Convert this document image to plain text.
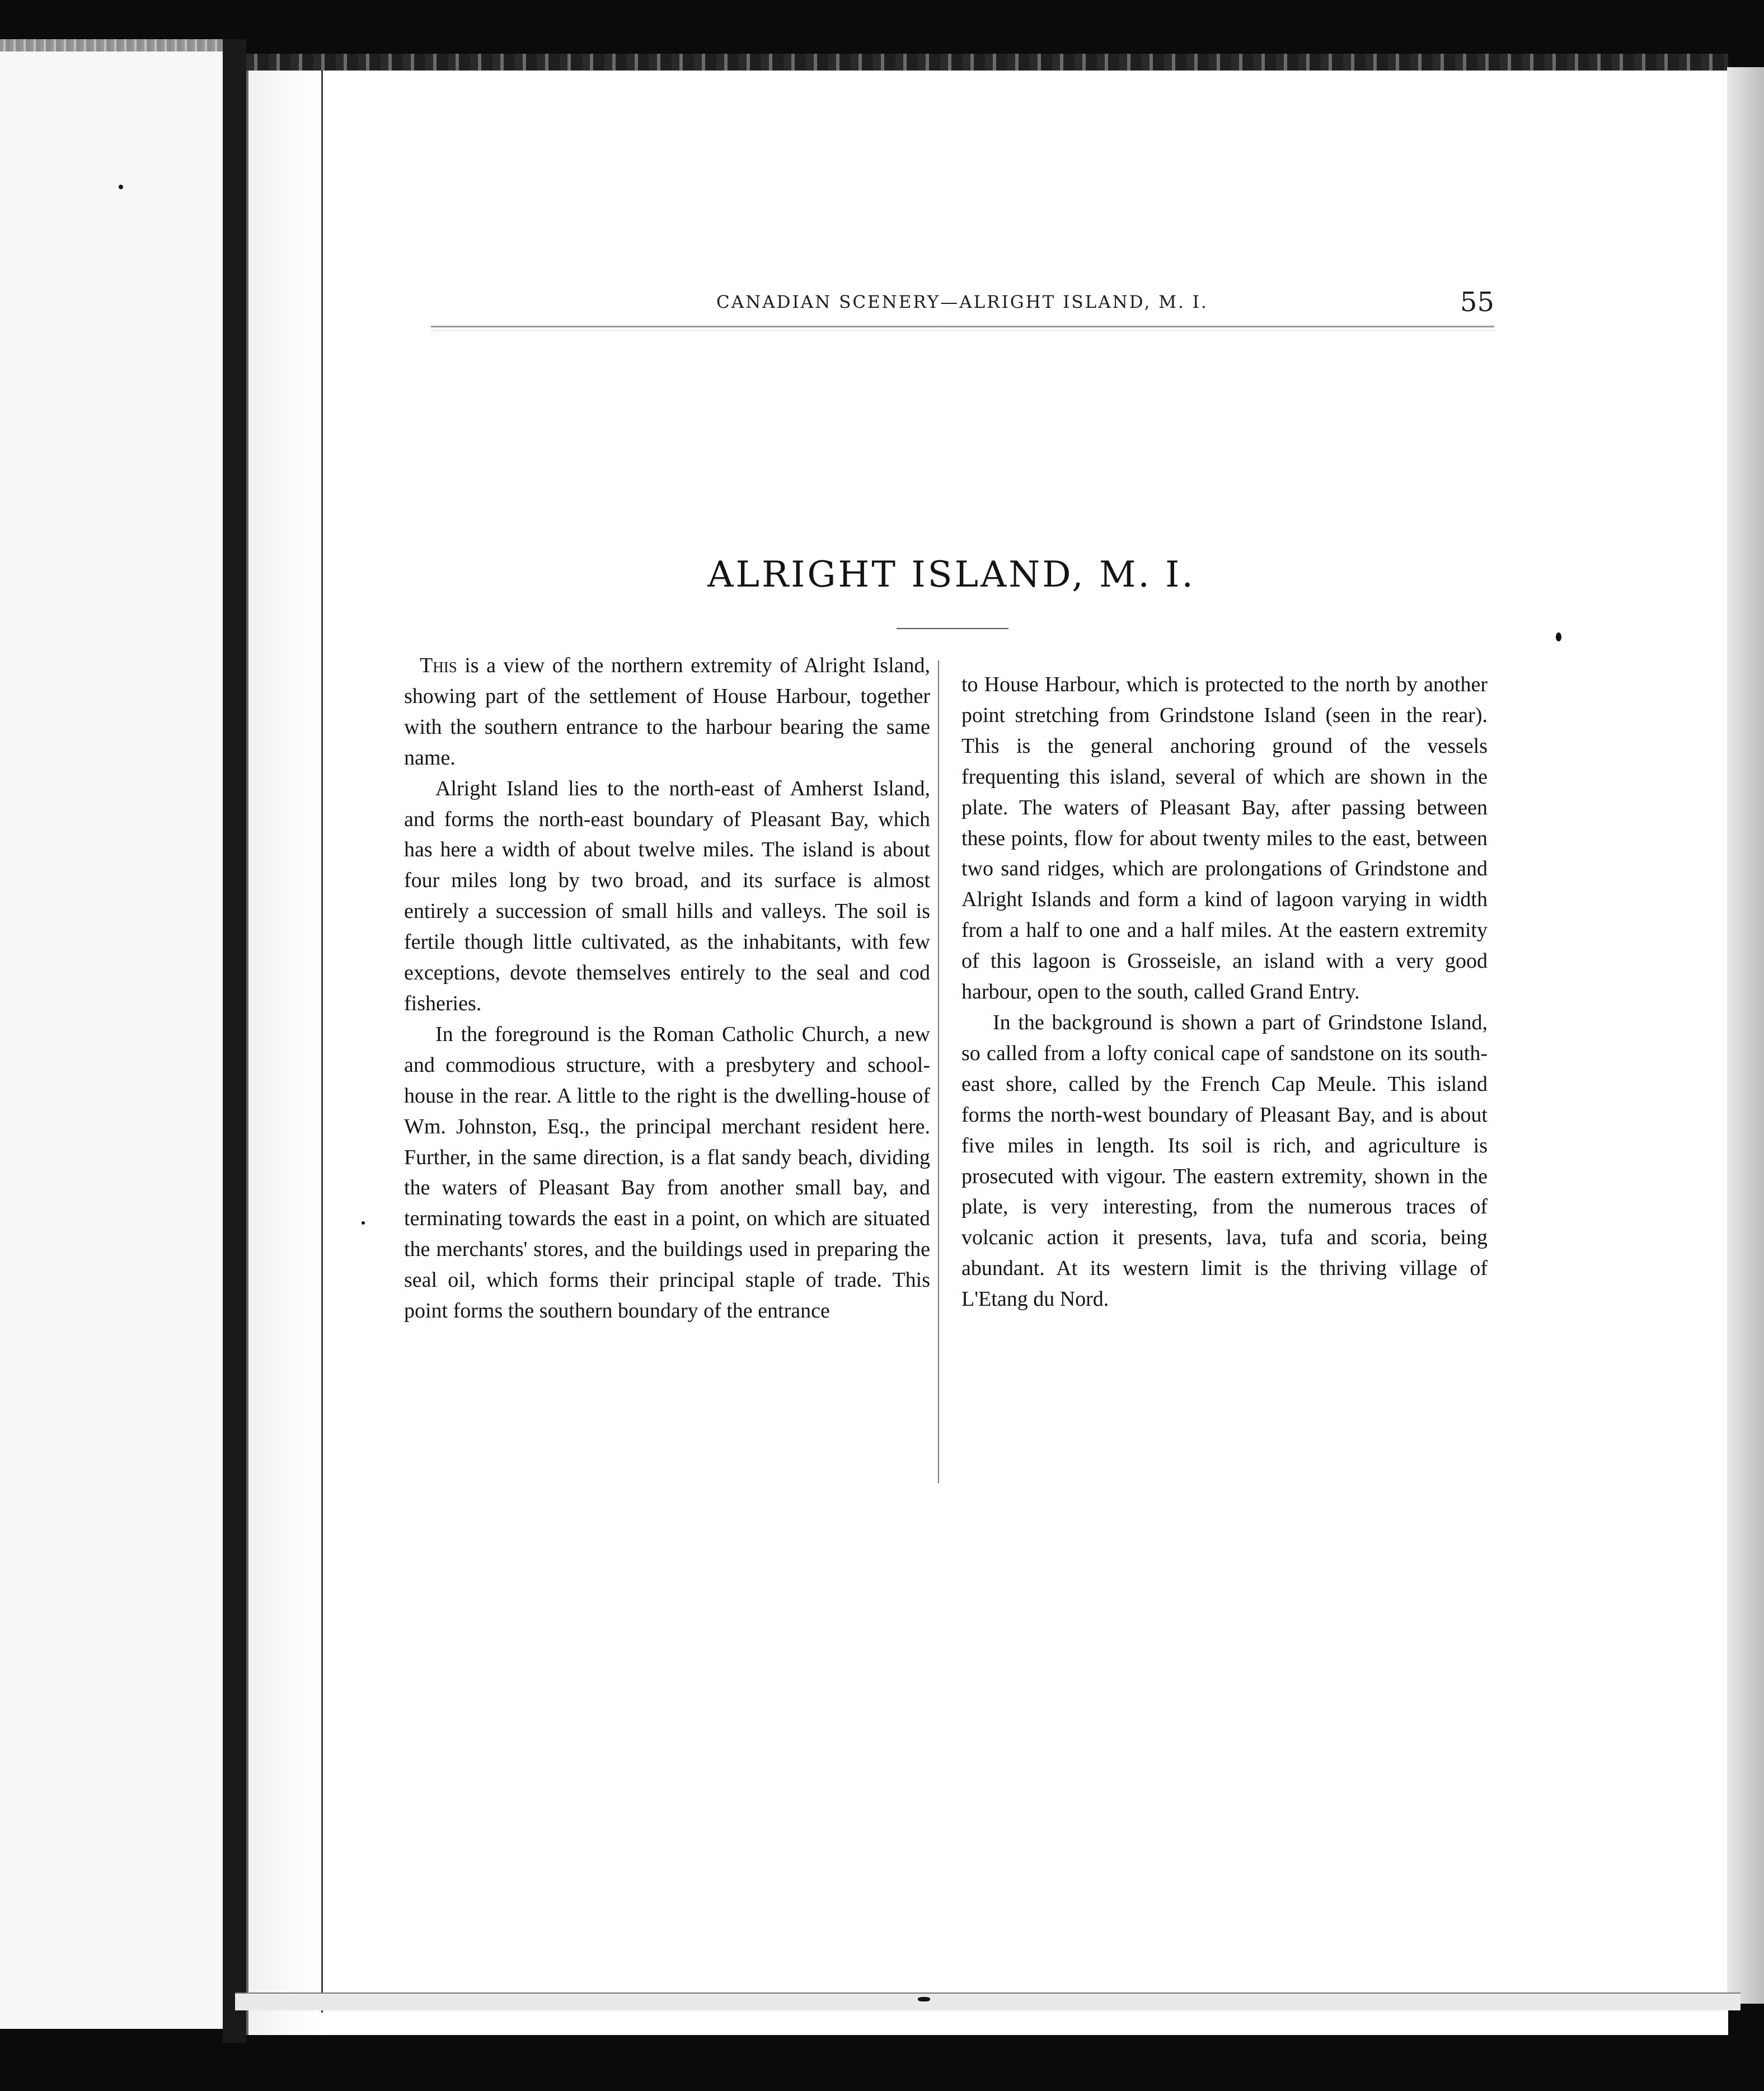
CANADIAN SCENERY—ALRIGHT ISLAND, M. I.	55
ALRIGHT ISLAND, M. I.

This is a view of the northern extremity of Alright Island, showing part of the settlement of House Harbour, together with the southern entrance to the harbour bearing the same name.

Alright Island lies to the north-east of Amherst Island, and forms the north-east boundary of Pleasant Bay, which has here a width of about twelve miles. The island is about four miles long by two broad, and its surface is almost entirely a succession of small hills and valleys. The soil is fertile though little cultivated, as the inhabitants, with few exceptions, devote themselves entirely to the seal and cod fisheries.

In the foreground is the Roman Catholic Church, a new and commodious structure, with a presbytery and school-house in the rear. A little to the right is the dwelling-house of Wm. Johnston, Esq., the principal merchant resident here. Further, in the same direction, is a flat sandy beach, dividing the waters of Pleasant Bay from another small bay, and terminating towards the east in a point, on which are situated the merchants' stores, and the buildings used in preparing the seal oil, which forms their principal staple of trade. This point forms the southern boundary of the entrance

to House Harbour, which is protected to the north by another point stretching from Grindstone Island (seen in the rear). This is the general anchoring ground of the vessels frequenting this island, several of which are shown in the plate. The waters of Pleasant Bay, after passing between these points, flow for about twenty miles to the east, between two sand ridges, which are prolongations of Grindstone and Alright Islands and form a kind of lagoon varying in width from a half to one and a half miles. At the eastern extremity of this lagoon is Grosseisle, an island with a very good harbour, open to the south, called Grand Entry.

In the background is shown a part of Grindstone Island, so called from a lofty conical cape of sandstone on its south-east shore, called by the French Cap Meule. This island forms the north-west boundary of Pleasant Bay, and is about five miles in length. Its soil is rich, and agriculture is prosecuted with vigour. The eastern extremity, shown in the plate, is very interesting, from the numerous traces of volcanic action it presents, lava, tufa and scoria, being abundant. At its western limit is the thriving village of L'Etang du Nord.
